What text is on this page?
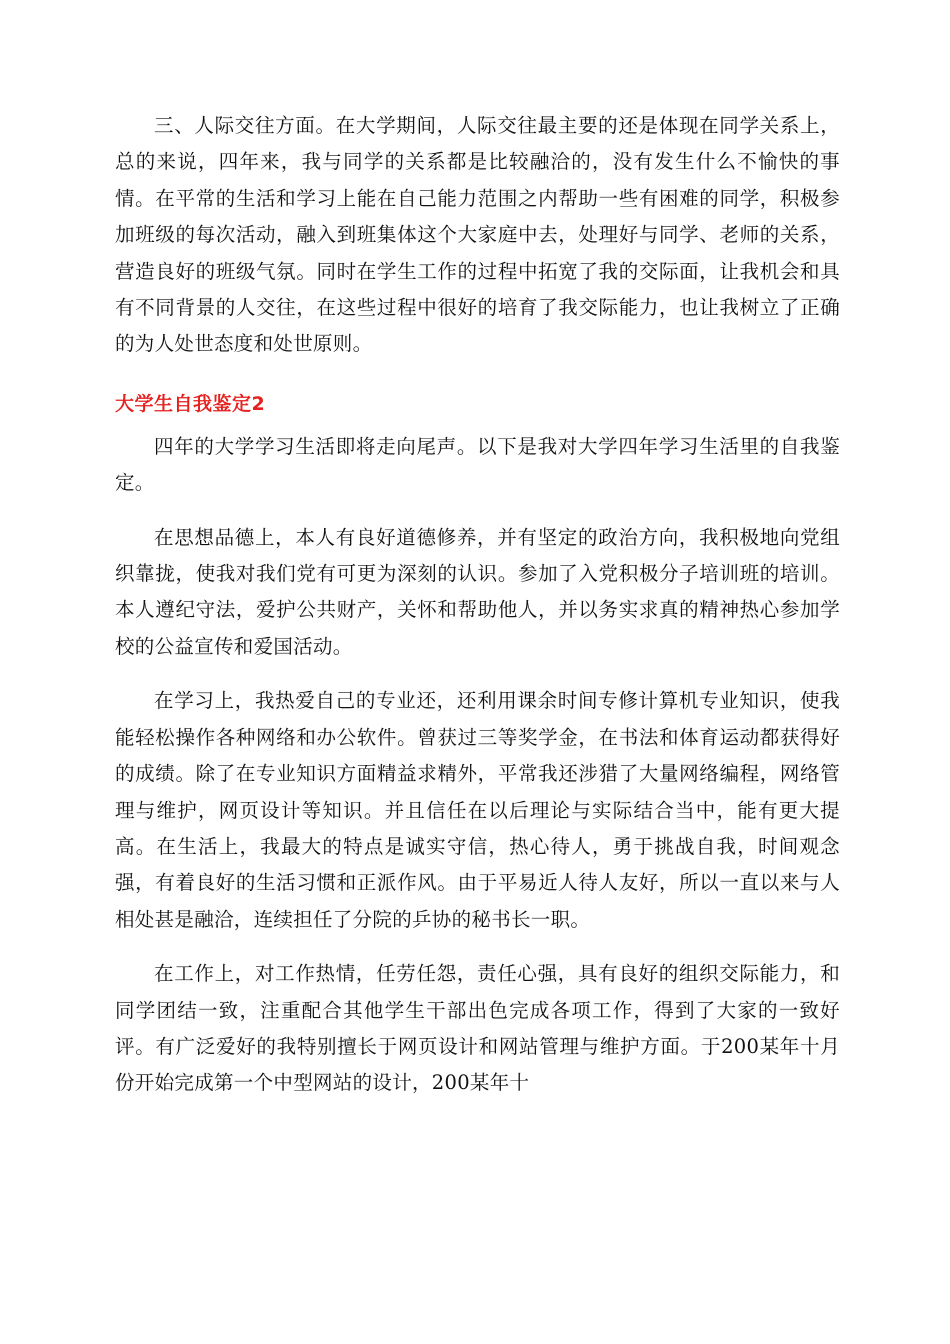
三、人际交往方面。在大学期间，人际交往最主要的还是体现在同学关系上，总的来说，四年来，我与同学的关系都是比较融洽的，没有发生什么不愉快的事情。在平常的生活和学习上能在自己能力范围之内帮助一些有困难的同学，积极参加班级的每次活动，融入到班集体这个大家庭中去，处理好与同学、老师的关系，营造良好的班级气氛。同时在学生工作的过程中拓宽了我的交际面，让我机会和具有不同背景的人交往，在这些过程中很好的培育了我交际能力，也让我树立了正确的为人处世态度和处世原则。

大学生自我鉴定2

四年的大学学习生活即将走向尾声。以下是我对大学四年学习生活里的自我鉴定。

在思想品德上，本人有良好道德修养，并有坚定的政治方向，我积极地向党组织靠拢，使我对我们党有可更为深刻的认识。参加了入党积极分子培训班的培训。本人遵纪守法，爱护公共财产，关怀和帮助他人，并以务实求真的精神热心参加学校的公益宣传和爱国活动。

在学习上，我热爱自己的专业还，还利用课余时间专修计算机专业知识，使我能轻松操作各种网络和办公软件。曾获过三等奖学金，在书法和体育运动都获得好的成绩。除了在专业知识方面精益求精外，平常我还涉猎了大量网络编程，网络管理与维护，网页设计等知识。并且信任在以后理论与实际结合当中，能有更大提高。在生活上，我最大的特点是诚实守信，热心待人，勇于挑战自我，时间观念强，有着良好的生活习惯和正派作风。由于平易近人待人友好，所以一直以来与人相处甚是融洽，连续担任了分院的乒协的秘书长一职。

在工作上，对工作热情，任劳任怨，责任心强，具有良好的组织交际能力，和同学团结一致，注重配合其他学生干部出色完成各项工作，得到了大家的一致好评。有广泛爱好的我特别擅长于网页设计和网站管理与维护方面。于200某年十月份开始完成第一个中型网站的设计，200某年十
